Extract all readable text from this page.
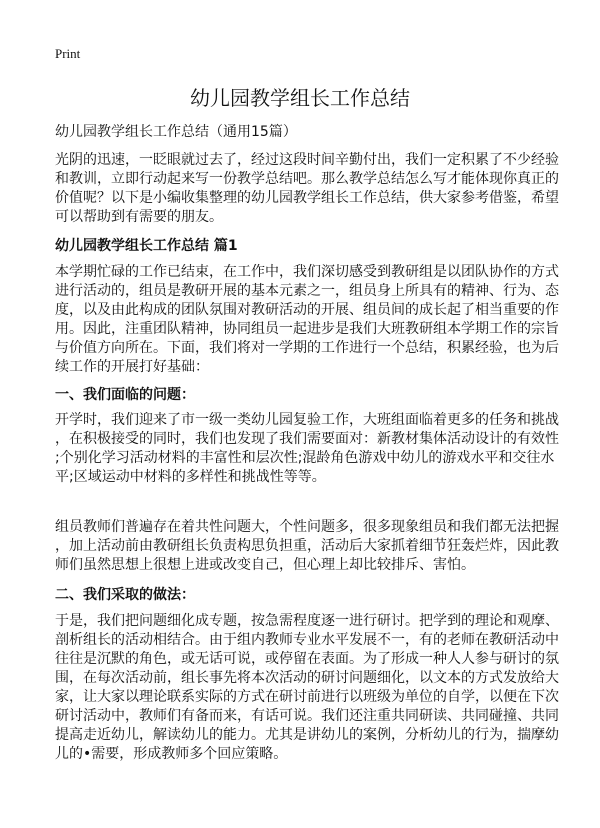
Print
幼儿园教学组长工作总结
幼儿园教学组长工作总结（通用15篇）
光阴的迅速，一眨眼就过去了，经过这段时间辛勤付出，我们一定积累了不少经验
和教训，立即行动起来写一份教学总结吧。那么教学总结怎么写才能体现你真正的
价值呢？以下是小编收集整理的幼儿园教学组长工作总结，供大家参考借鉴，希望
可以帮助到有需要的朋友。
幼儿园教学组长工作总结 篇1
本学期忙碌的工作已结束，在工作中，我们深切感受到教研组是以团队协作的方式
进行活动的，组员是教研开展的基本元素之一，组员身上所具有的精神、行为、态
度，以及由此构成的团队氛围对教研活动的开展、组员间的成长起了相当重要的作
用。因此，注重团队精神，协同组员一起进步是我们大班教研组本学期工作的宗旨
与价值方向所在。下面，我们将对一学期的工作进行一个总结，积累经验，也为后
续工作的开展打好基础：
一、我们面临的问题：
开学时，我们迎来了市一级一类幼儿园复验工作，大班组面临着更多的任务和挑战
，在积极接受的同时，我们也发现了我们需要面对：新教材集体活动设计的有效性
;个别化学习活动材料的丰富性和层次性;混龄角色游戏中幼儿的游戏水平和交往水
平;区域运动中材料的多样性和挑战性等等。
组员教师们普遍存在着共性问题大，个性问题多，很多现象组员和我们都无法把握
，加上活动前由教研组长负责构思负担重，活动后大家抓着细节狂轰烂炸，因此教
师们虽然思想上很想上进或改变自己，但心理上却比较排斥、害怕。
二、我们采取的做法：
于是，我们把问题细化成专题，按急需程度逐一进行研讨。把学到的理论和观摩、
剖析组长的活动相结合。由于组内教师专业水平发展不一，有的老师在教研活动中
往往是沉默的角色，或无话可说，或停留在表面。为了形成一种人人参与研讨的氛
围，在每次活动前，组长事先将本次活动的研讨问题细化，以文本的方式发放给大
家，让大家以理论联系实际的方式在研讨前进行以班级为单位的自学，以便在下次
研讨活动中，教师们有备而来，有话可说。我们还注重共同研读、共同碰撞、共同
提高走近幼儿，解读幼儿的能力。尤其是讲幼儿的案例，分析幼儿的行为，揣摩幼
儿的•需要，形成教师多个回应策略。
